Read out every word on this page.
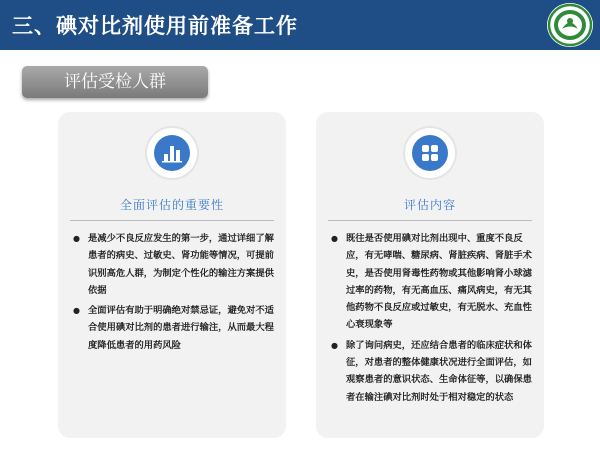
三、碘对比剂使用前准备工作
评估受检人群
全面评估的重要性
● 是减少不良反应发生的第一步，通过详细了解患者的病史、过敏史、肾功能等情况，可提前识别高危人群，为制定个性化的输注方案提供依据
● 全面评估有助于明确绝对禁忌证，避免对不适合使用碘对比剂的患者进行输注，从而最大程度降低患者的用药风险
评估内容
● 既往是否使用碘对比剂出现中、重度不良反应，有无哮喘、糖尿病、肾脏疾病、肾脏手术史，是否使用肾毒性药物或其他影响肾小球滤过率的药物，有无高血压、痛风病史，有无其他药物不良反应或过敏史，有无脱水、充血性心衰现象等
● 除了询问病史，还应结合患者的临床症状和体征，对患者的整体健康状况进行全面评估，如观察患者的意识状态、生命体征等，以确保患者在输注碘对比剂时处于相对稳定的状态
